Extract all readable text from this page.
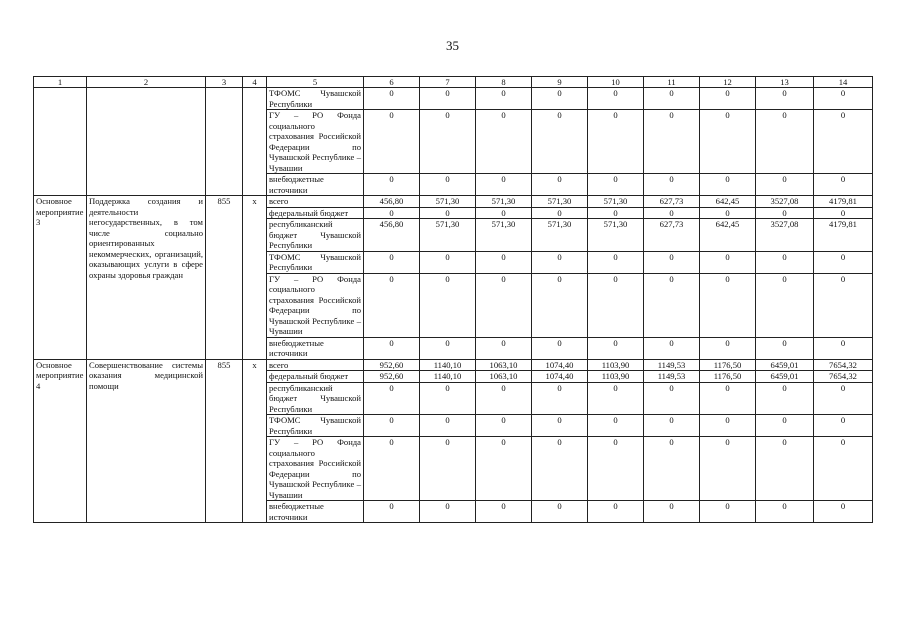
35
1	2	3	4	5	6	7	8	9	10	11	12	13	14
				ТФОМС Чувашской Республики	0	0	0	0	0	0	0	0	0
				ГУ – РО Фонда социального страхования Российской Федерации по Чувашской Республике – Чувашии	0	0	0	0	0	0	0	0	0
				внебюджетные источники	0	0	0	0	0	0	0	0	0
Основное мероприятие 3	Поддержка создания и деятельности негосударственных, в том числе социально ориентированных некоммерческих, организаций, оказывающих услуги в сфере охраны здоровья граждан	855	х	всего	456,80	571,30	571,30	571,30	571,30	627,73	642,45	3527,08	4179,81
				федеральный бюджет	0	0	0	0	0	0	0	0	0
				республиканский бюджет Чувашской Республики	456,80	571,30	571,30	571,30	571,30	627,73	642,45	3527,08	4179,81
				ТФОМС Чувашской Республики	0	0	0	0	0	0	0	0	0
				ГУ – РО Фонда социального страхования Российской Федерации по Чувашской Республике – Чувашии	0	0	0	0	0	0	0	0	0
				внебюджетные источники	0	0	0	0	0	0	0	0	0
Основное мероприятие 4	Совершенствование системы оказания медицинской помощи	855	х	всего	952,60	1140,10	1063,10	1074,40	1103,90	1149,53	1176,50	6459,01	7654,32
				федеральный бюджет	952,60	1140,10	1063,10	1074,40	1103,90	1149,53	1176,50	6459,01	7654,32
				республиканский бюджет Чувашской Республики	0	0	0	0	0	0	0	0	0
				ТФОМС Чувашской Республики	0	0	0	0	0	0	0	0	0
				ГУ – РО Фонда социального страхования Российской Федерации по Чувашской Республике – Чувашии	0	0	0	0	0	0	0	0	0
				внебюджетные источники	0	0	0	0	0	0	0	0	0
